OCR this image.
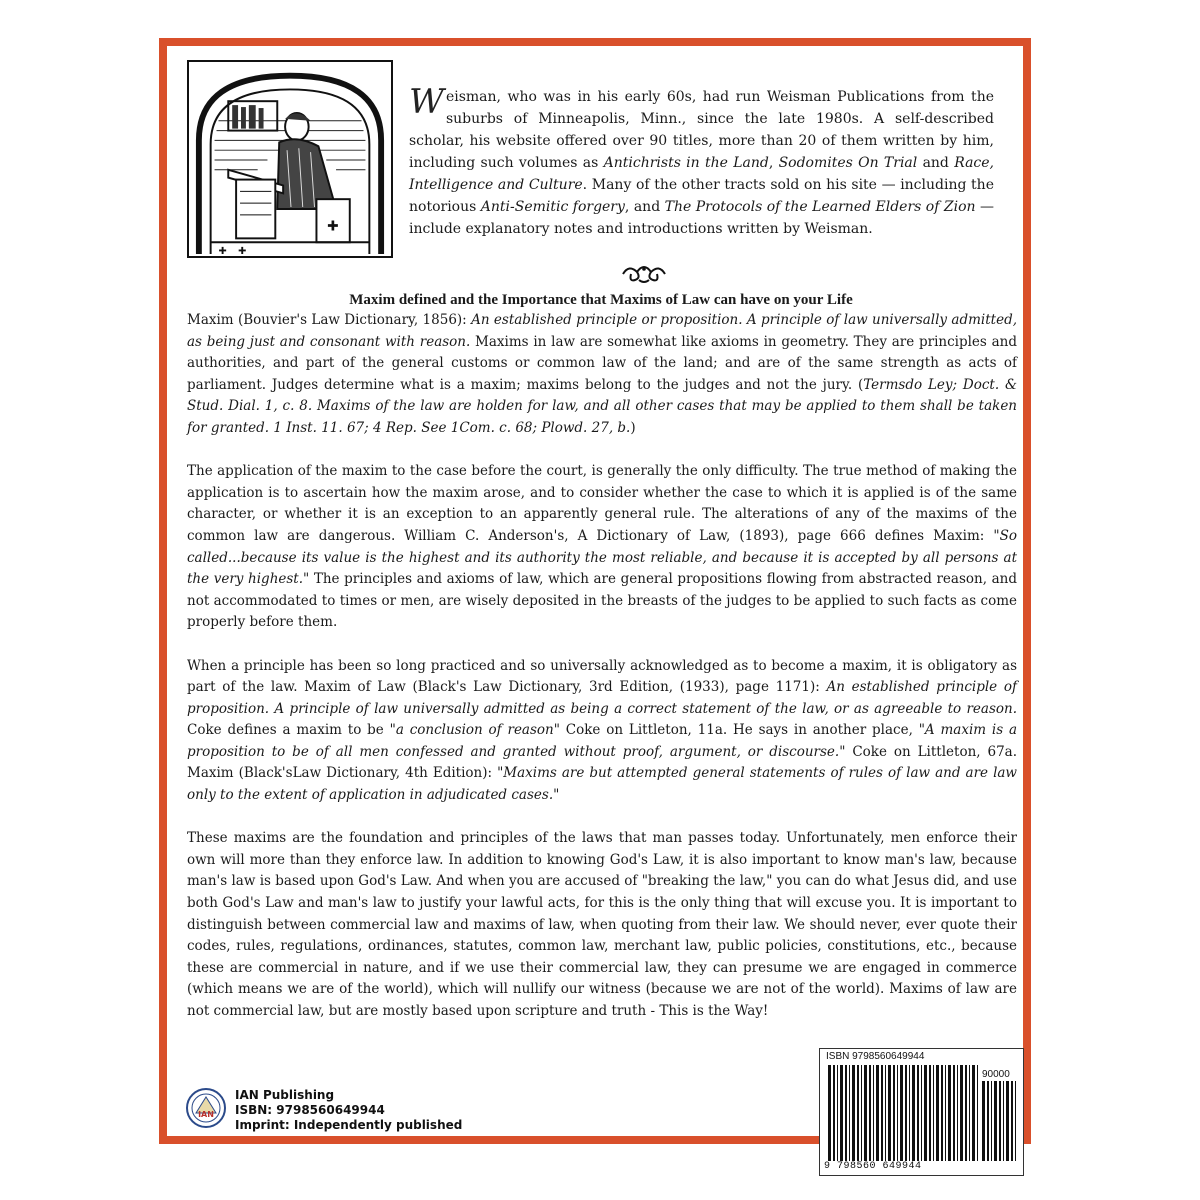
✚
✚ ✚

Weisman, who was in his early 60s, had run Weisman Publications from the suburbs of Minneapolis, Minn., since the late 1980s. A self-described scholar, his website offered over 90 titles, more than 20 of them written by him, including such volumes as Antichrists in the Land, Sodomites On Trial and Race, Intelligence and Culture. Many of the other tracts sold on his site — including the notorious Anti-Semitic forgery, and The Protocols of the Learned Elders of Zion — include explanatory notes and introductions written by Weisman.

Maxim defined and the Importance that Maxims of Law can have on your Life

Maxim (Bouvier's Law Dictionary, 1856): An established principle or proposition. A principle of law universally admitted, as being just and consonant with reason. Maxims in law are somewhat like axioms in geometry. They are principles and authorities, and part of the general customs or common law of the land; and are of the same strength as acts of parliament. Judges determine what is a maxim; maxims belong to the judges and not the jury. (Termsdo Ley; Doct. & Stud. Dial. 1, c. 8. Maxims of the law are holden for law, and all other cases that may be applied to them shall be taken for granted. 1 Inst. 11. 67; 4 Rep. See 1Com. c. 68; Plowd. 27, b.)

The application of the maxim to the case before the court, is generally the only difficulty. The true method of making the application is to ascertain how the maxim arose, and to consider whether the case to which it is applied is of the same character, or whether it is an exception to an apparently general rule. The alterations of any of the maxims of the common law are dangerous. William C. Anderson's, A Dictionary of Law, (1893), page 666 defines Maxim: "So called...because its value is the highest and its authority the most reliable, and because it is accepted by all persons at the very highest." The principles and axioms of law, which are general propositions flowing from abstracted reason, and not accommodated to times or men, are wisely deposited in the breasts of the judges to be applied to such facts as come properly before them.

When a principle has been so long practiced and so universally acknowledged as to become a maxim, it is obligatory as part of the law. Maxim of Law (Black's Law Dictionary, 3rd Edition, (1933), page 1171): An established principle of proposition. A principle of law universally admitted as being a correct statement of the law, or as agreeable to reason. Coke defines a maxim to be "a conclusion of reason" Coke on Littleton, 11a. He says in another place, "A maxim is a proposition to be of all men confessed and granted without proof, argument, or discourse." Coke on Littleton, 67a. Maxim (Black'sLaw Dictionary, 4th Edition): "Maxims are but attempted general statements of rules of law and are law only to the extent of application in adjudicated cases."

These maxims are the foundation and principles of the laws that man passes today. Unfortunately, men enforce their own will more than they enforce law. In addition to knowing God's Law, it is also important to know man's law, because man's law is based upon God's Law. And when you are accused of "breaking the law," you can do what Jesus did, and use both God's Law and man's law to justify your lawful acts, for this is the only thing that will excuse you. It is important to distinguish between commercial law and maxims of law, when quoting from their law. We should never, ever quote their codes, rules, regulations, ordinances, statutes, common law, merchant law, public policies, constitutions, etc., because these are commercial in nature, and if we use their commercial law, they can presume we are engaged in commerce (which means we are of the world), which will nullify our witness (because we are not of the world). Maxims of law are not commercial law, but are mostly based upon scripture and truth - This is the Way!

IAN
IAN Publishing
ISBN: 9798560649944
Imprint: Independently published
ISBN 9798560649944
90000
9 798560 649944
